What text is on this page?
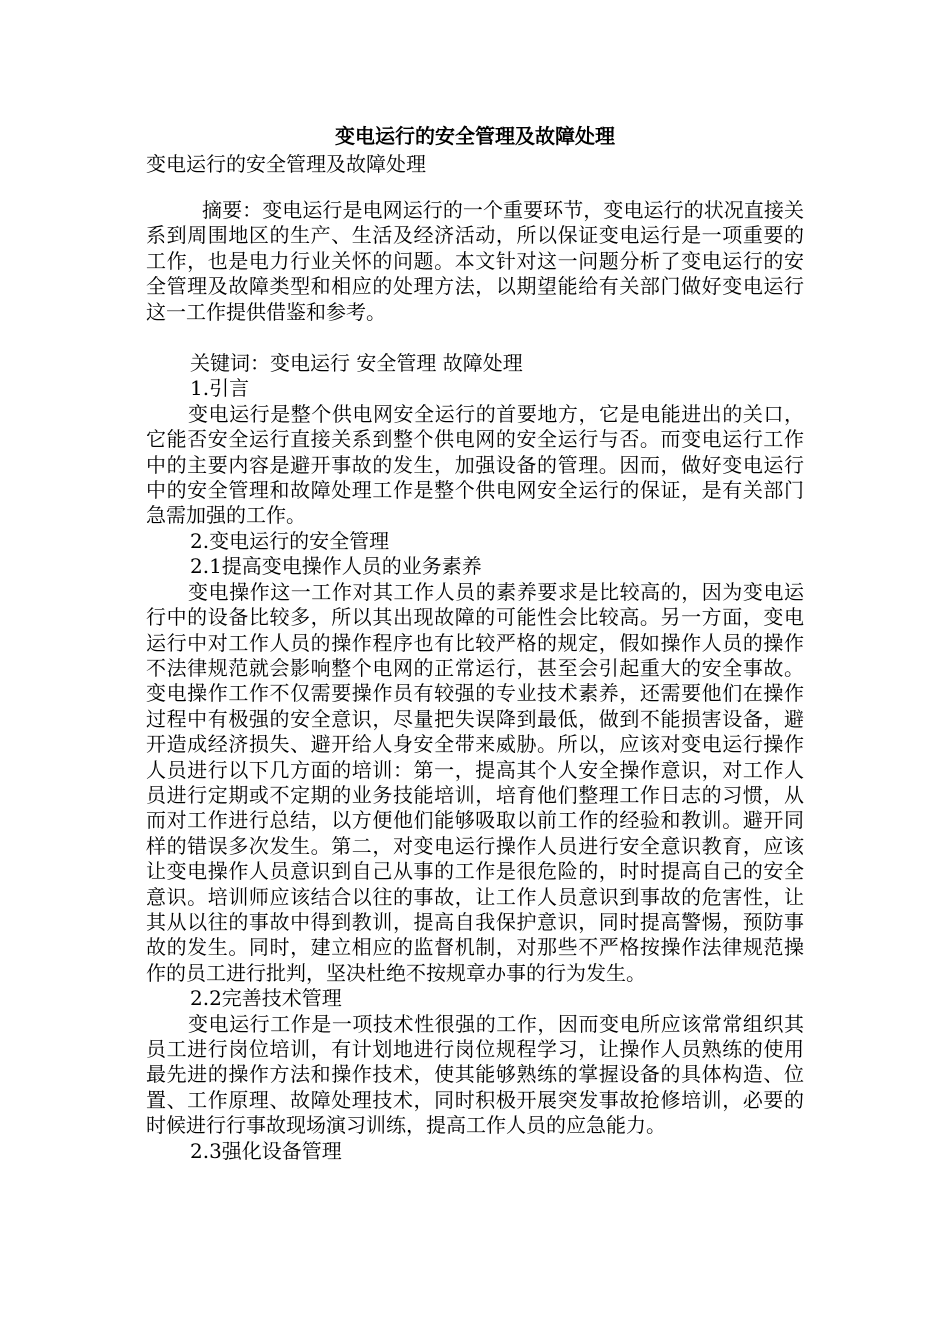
变电运行的安全管理及故障处理
变电运行的安全管理及故障处理

摘要：变电运行是电网运行的一个重要环节，变电运行的状况直接关系到周围地区的生产、生活及经济活动，所以保证变电运行是一项重要的工作，也是电力行业关怀的问题。本文针对这一问题分析了变电运行的安全管理及故障类型和相应的处理方法，以期望能给有关部门做好变电运行这一工作提供借鉴和参考。

关键词：变电运行 安全管理 故障处理

1.引言

变电运行是整个供电网安全运行的首要地方，它是电能进出的关口，它能否安全运行直接关系到整个供电网的安全运行与否。而变电运行工作中的主要内容是避开事故的发生，加强设备的管理。因而，做好变电运行中的安全管理和故障处理工作是整个供电网安全运行的保证，是有关部门急需加强的工作。

2.变电运行的安全管理

2.1提高变电操作人员的业务素养

变电操作这一工作对其工作人员的素养要求是比较高的，因为变电运行中的设备比较多，所以其出现故障的可能性会比较高。另一方面，变电运行中对工作人员的操作程序也有比较严格的规定，假如操作人员的操作不法律规范就会影响整个电网的正常运行，甚至会引起重大的安全事故。变电操作工作不仅需要操作员有较强的专业技术素养，还需要他们在操作过程中有极强的安全意识，尽量把失误降到最低，做到不能损害设备，避开造成经济损失、避开给人身安全带来威胁。所以，应该对变电运行操作人员进行以下几方面的培训：第一，提高其个人安全操作意识，对工作人员进行定期或不定期的业务技能培训，培育他们整理工作日志的习惯，从而对工作进行总结，以方便他们能够吸取以前工作的经验和教训。避开同样的错误多次发生。第二，对变电运行操作人员进行安全意识教育，应该让变电操作人员意识到自己从事的工作是很危险的，时时提高自己的安全意识。培训师应该结合以往的事故，让工作人员意识到事故的危害性，让其从以往的事故中得到教训，提高自我保护意识，同时提高警惕，预防事故的发生。同时，建立相应的监督机制，对那些不严格按操作法律规范操作的员工进行批判，坚决杜绝不按规章办事的行为发生。

2.2完善技术管理

变电运行工作是一项技术性很强的工作，因而变电所应该常常组织其员工进行岗位培训，有计划地进行岗位规程学习，让操作人员熟练的使用最先进的操作方法和操作技术，使其能够熟练的掌握设备的具体构造、位置、工作原理、故障处理技术，同时积极开展突发事故抢修培训，必要的时候进行行事故现场演习训练，提高工作人员的应急能力。

2.3强化设备管理
